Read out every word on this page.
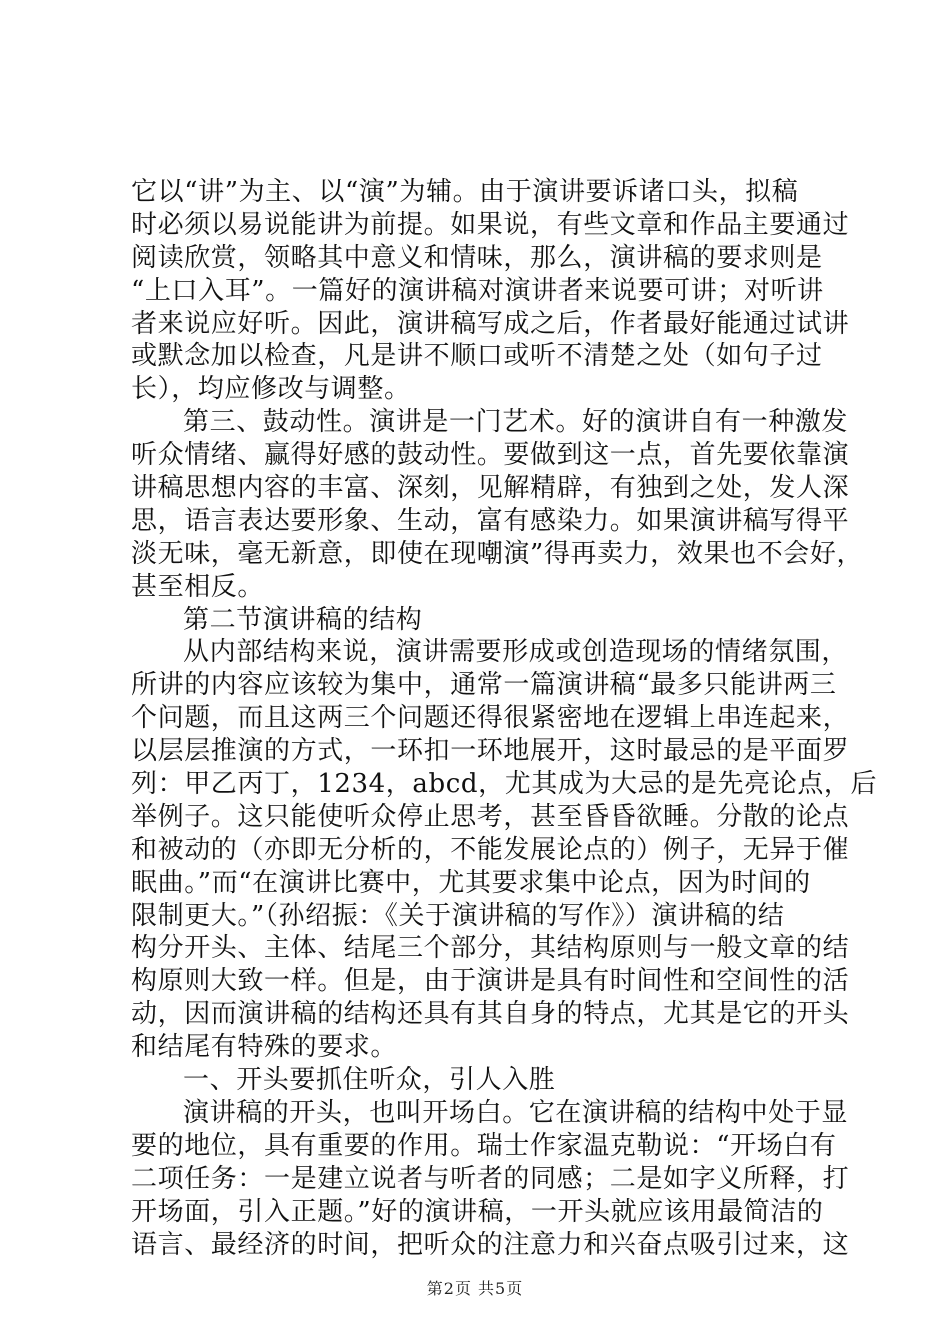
它以“讲”为主、以“演”为辅。由于演讲要诉诸口头，拟稿
时必须以易说能讲为前提。如果说，有些文章和作品主要通过
阅读欣赏，领略其中意义和情味，那么，演讲稿的要求则是
“上口入耳”。一篇好的演讲稿对演讲者来说要可讲；对听讲
者来说应好听。因此，演讲稿写成之后，作者最好能通过试讲
或默念加以检查，凡是讲不顺口或听不清楚之处（如句子过
长），均应修改与调整。
第三、鼓动性。演讲是一门艺术。好的演讲自有一种激发
听众情绪、赢得好感的鼓动性。要做到这一点，首先要依靠演
讲稿思想内容的丰富、深刻，见解精辟，有独到之处，发人深
思，语言表达要形象、生动，富有感染力。如果演讲稿写得平
淡无味，毫无新意，即使在现嘲演”得再卖力，效果也不会好，
甚至相反。
第二节演讲稿的结构
从内部结构来说，演讲需要形成或创造现场的情绪氛围，
所讲的内容应该较为集中，通常一篇演讲稿“最多只能讲两三
个问题，而且这两三个问题还得很紧密地在逻辑上串连起来，
以层层推演的方式，一环扣一环地展开，这时最忌的是平面罗
列：甲乙丙丁，1234，abcd，尤其成为大忌的是先亮论点，后
举例子。这只能使听众停止思考，甚至昏昏欲睡。分散的论点
和被动的（亦即无分析的，不能发展论点的）例子，无异于催
眠曲。”而“在演讲比赛中，尤其要求集中论点，因为时间的
限制更大。”（孙绍振：《关于演讲稿的写作》）演讲稿的结
构分开头、主体、结尾三个部分，其结构原则与一般文章的结
构原则大致一样。但是，由于演讲是具有时间性和空间性的活
动，因而演讲稿的结构还具有其自身的特点，尤其是它的开头
和结尾有特殊的要求。
一、开头要抓住听众，引人入胜
演讲稿的开头，也叫开场白。它在演讲稿的结构中处于显
要的地位，具有重要的作用。瑞士作家温克勒说：“开场白有
二项任务：一是建立说者与听者的同感；二是如字义所释，打
开场面，引入正题。”好的演讲稿，一开头就应该用最简洁的
语言、最经济的时间，把听众的注意力和兴奋点吸引过来，这
第2页 共5页
